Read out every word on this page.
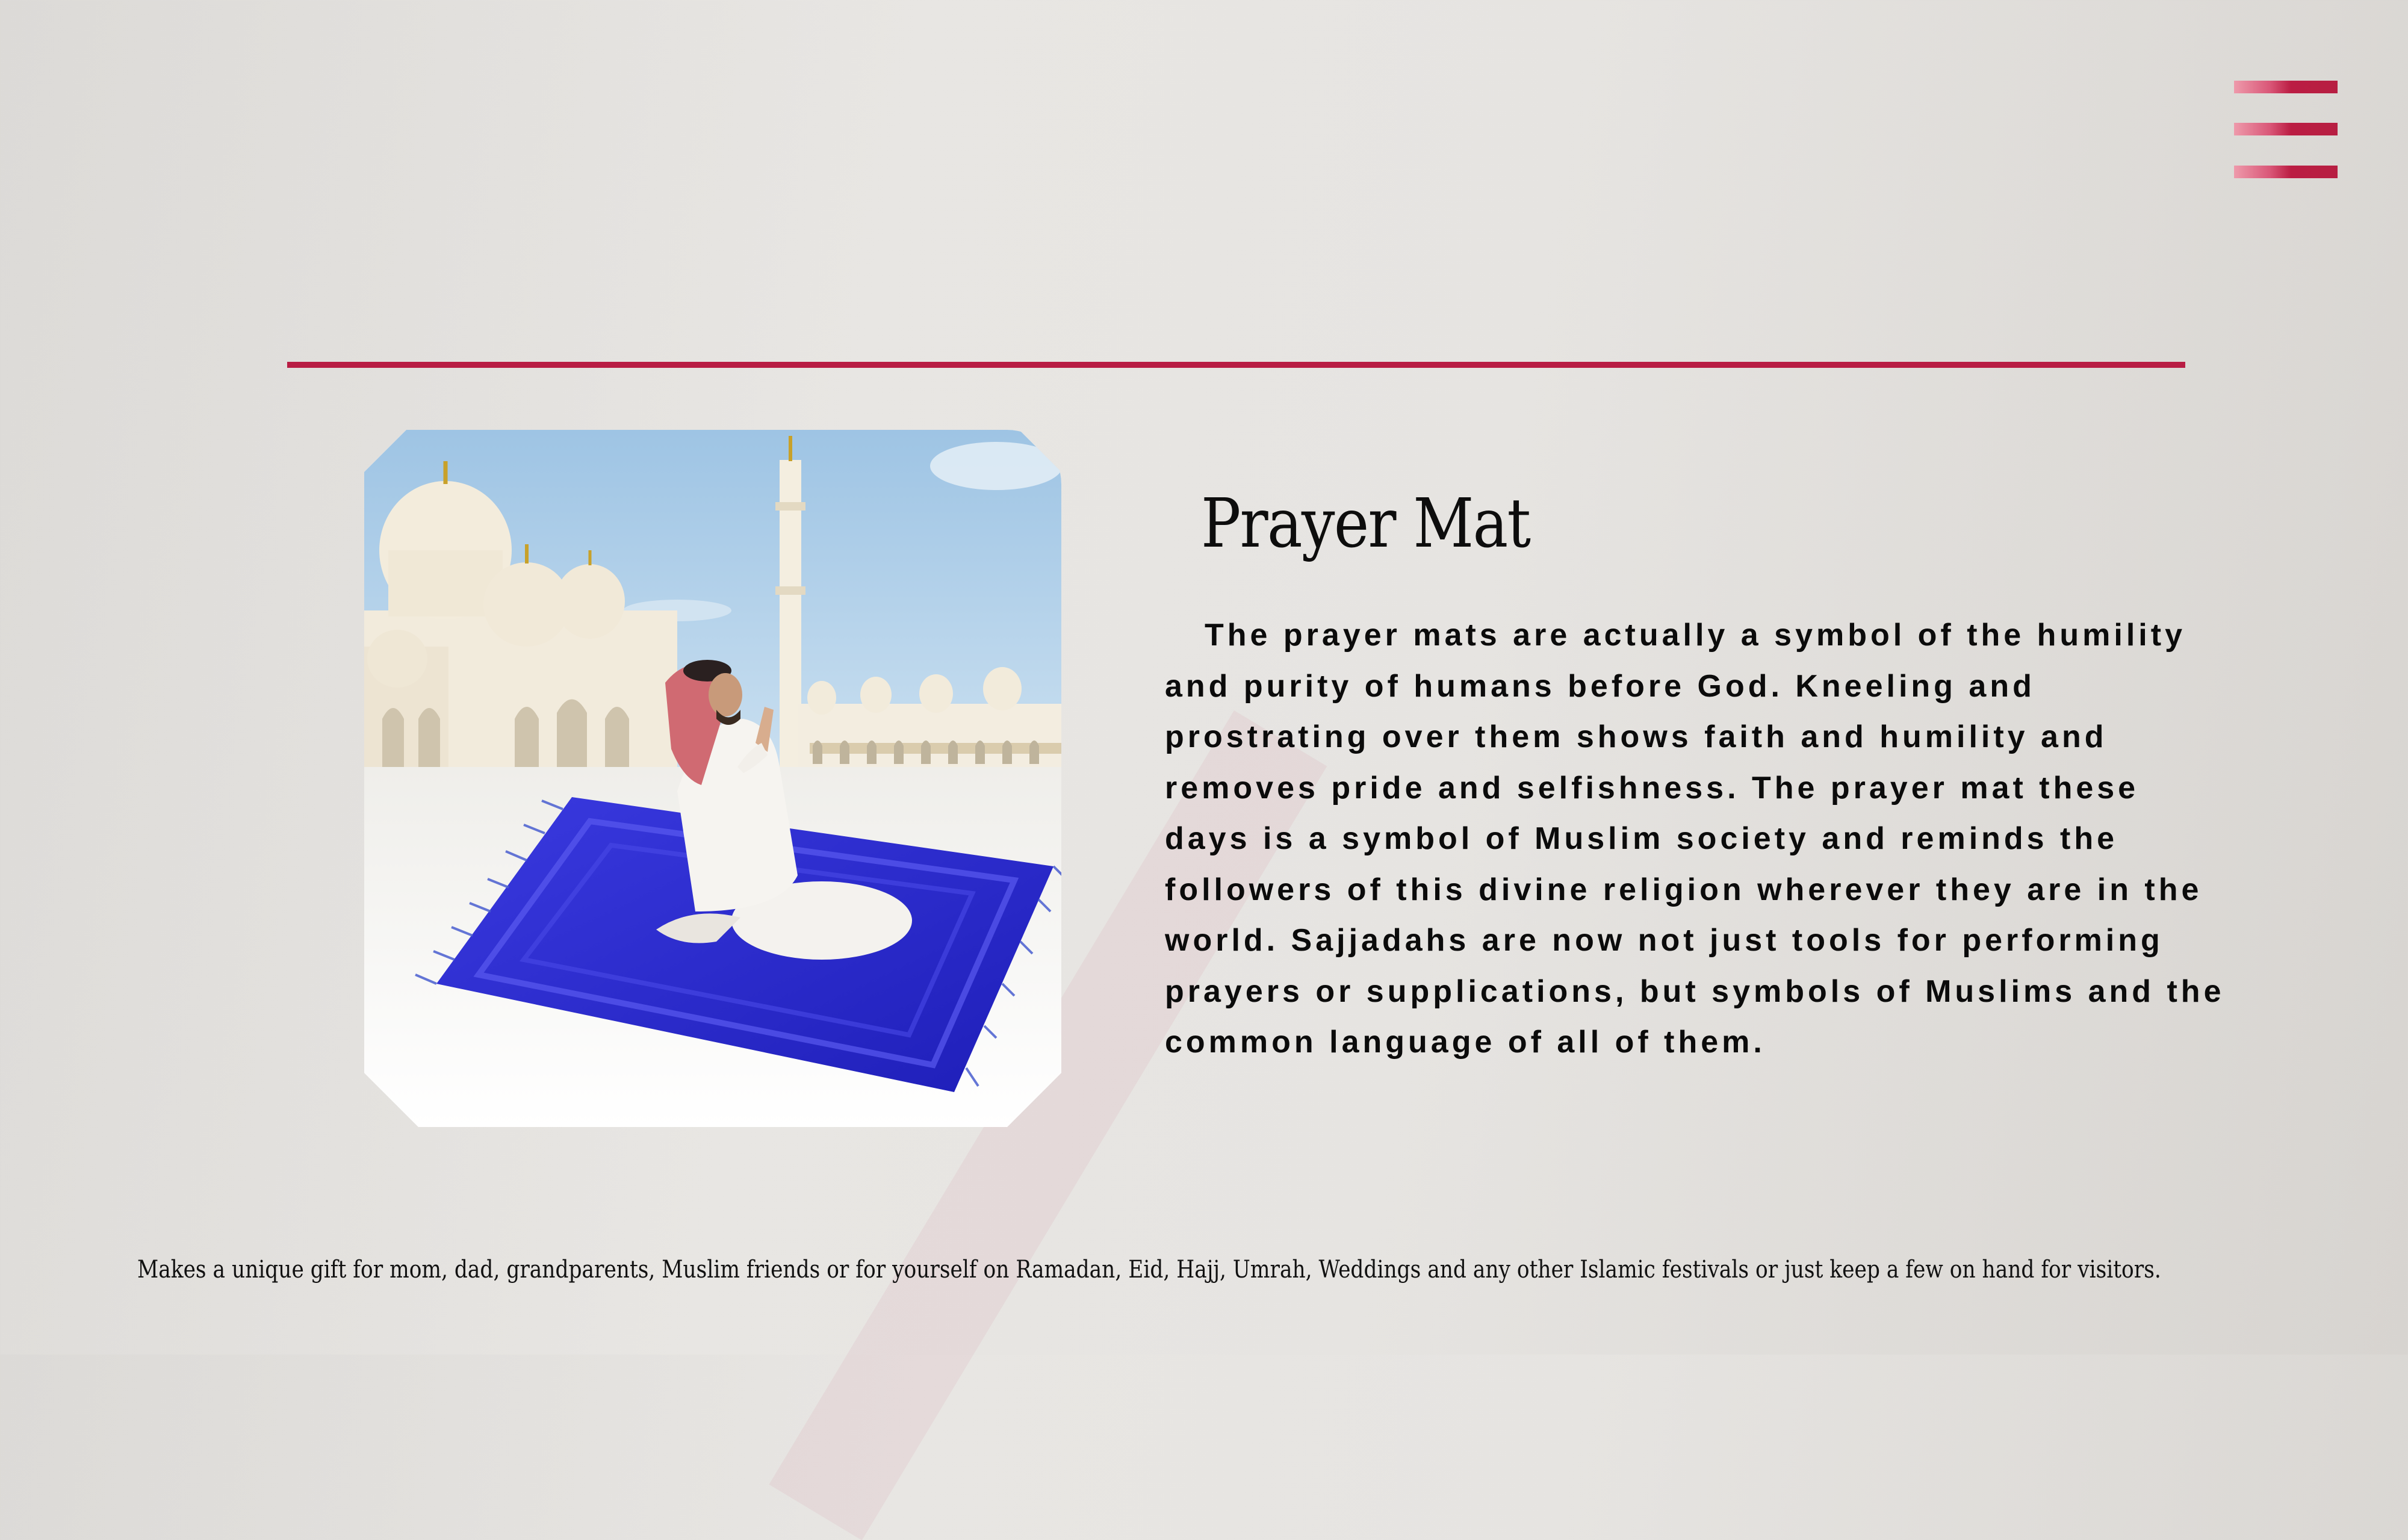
Prayer Mat

The prayer mats are actually a symbol of the humility and purity of humans before God. Kneeling and prostrating over them shows faith and humility and removes pride and selfishness. The prayer mat these days is a symbol of Muslim society and reminds the followers of this divine religion wherever they are in the world. Sajjadahs are now not just tools for performing prayers or supplications, but symbols of Muslims and the common language of all of them.

Makes a unique gift for mom, dad, grandparents, Muslim friends or for yourself on Ramadan, Eid, Hajj, Umrah, Weddings and any other Islamic festivals or just keep a few on hand for visitors.
